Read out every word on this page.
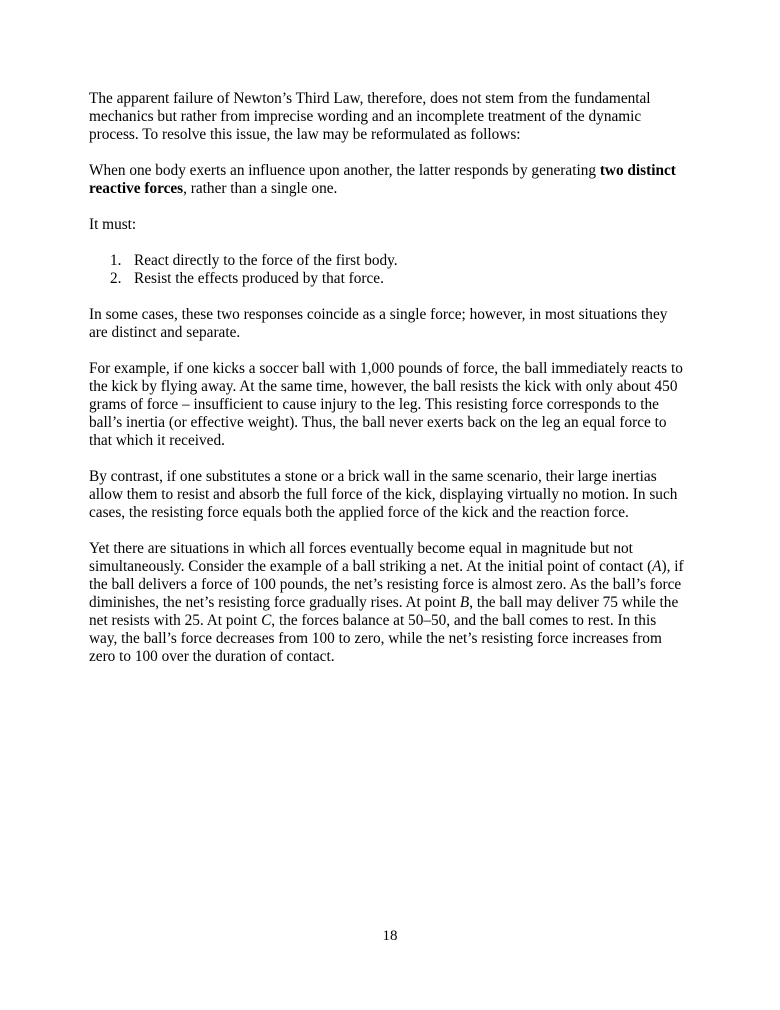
The apparent failure of Newton’s Third Law, therefore, does not stem from the fundamental
mechanics but rather from imprecise wording and an incomplete treatment of the dynamic
process. To resolve this issue, the law may be reformulated as follows:
When one body exerts an influence upon another, the latter responds by generating two distinct
reactive forces, rather than a single one.
It must:
1. React directly to the force of the first body.
2. Resist the effects produced by that force.
In some cases, these two responses coincide as a single force; however, in most situations they
are distinct and separate.
For example, if one kicks a soccer ball with 1,000 pounds of force, the ball immediately reacts to
the kick by flying away. At the same time, however, the ball resists the kick with only about 450
grams of force – insufficient to cause injury to the leg. This resisting force corresponds to the
ball’s inertia (or effective weight). Thus, the ball never exerts back on the leg an equal force to
that which it received.
By contrast, if one substitutes a stone or a brick wall in the same scenario, their large inertias
allow them to resist and absorb the full force of the kick, displaying virtually no motion. In such
cases, the resisting force equals both the applied force of the kick and the reaction force.
Yet there are situations in which all forces eventually become equal in magnitude but not
simultaneously. Consider the example of a ball striking a net. At the initial point of contact (A), if
the ball delivers a force of 100 pounds, the net’s resisting force is almost zero. As the ball’s force
diminishes, the net’s resisting force gradually rises. At point B, the ball may deliver 75 while the
net resists with 25. At point C, the forces balance at 50–50, and the ball comes to rest. In this
way, the ball’s force decreases from 100 to zero, while the net’s resisting force increases from
zero to 100 over the duration of contact.
18
